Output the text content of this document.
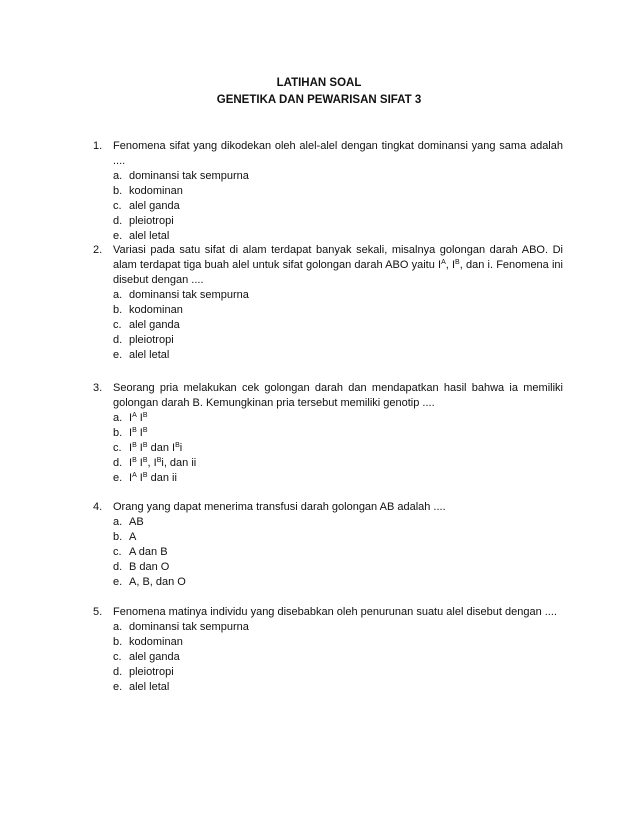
LATIHAN SOAL
GENETIKA DAN PEWARISAN SIFAT 3
1. Fenomena sifat yang dikodekan oleh alel-alel dengan tingkat dominansi yang sama adalah ....
a. dominansi tak sempurna
b. kodominan
c. alel ganda
d. pleiotropi
e. alel letal
2. Variasi pada satu sifat di alam terdapat banyak sekali, misalnya golongan darah ABO. Di alam terdapat tiga buah alel untuk sifat golongan darah ABO yaitu $I^A$, $I^B$, dan i. Fenomena ini disebut dengan ....
a. dominansi tak sempurna
b. kodominan
c. alel ganda
d. pleiotropi
e. alel letal
3. Seorang pria melakukan cek golongan darah dan mendapatkan hasil bahwa ia memiliki golongan darah B. Kemungkinan pria tersebut memiliki genotip ....
a. $I^A$ $I^B$
b. $I^B$ $I^B$
c. $I^B$ $I^B$ dan $I^Bi$
d. $I^B$ $I^B$, $I^Bi$, dan ii
e. $I^A$ $I^B$ dan ii
4. Orang yang dapat menerima transfusi darah golongan AB adalah ....
a. AB
b. A
c. A dan B
d. B dan O
e. A, B, dan O
5. Fenomena matinya individu yang disebabkan oleh penurunan suatu alel disebut dengan ....
a. dominansi tak sempurna
b. kodominan
c. alel ganda
d. pleiotropi
e. alel letal
